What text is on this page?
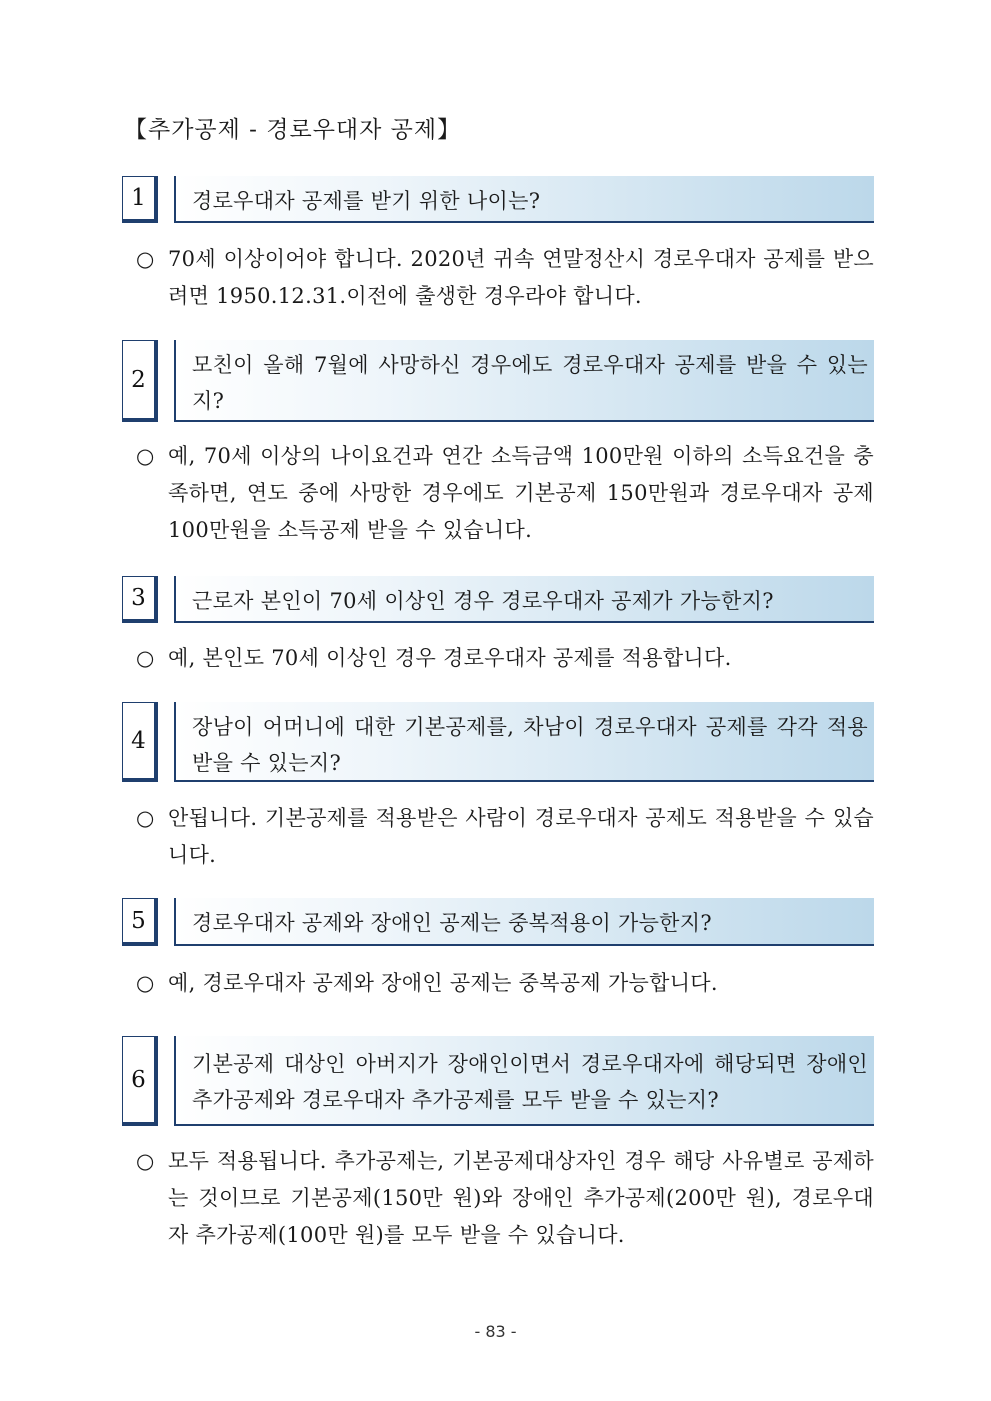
【추가공제 - 경로우대자 공제】
1	경로우대자 공제를 받기 위한 나이는?
○ 70세 이상이어야 합니다. 2020년 귀속 연말정산시 경로우대자 공제를 받으려면 1950.12.31.이전에 출생한 경우라야 합니다.
2
모친이 올해 7월에 사망하신 경우에도 경로우대자 공제를 받을 수 있는지?
○ 예, 70세 이상의 나이요건과 연간 소득금액 100만원 이하의 소득요건을 충족하면, 연도 중에 사망한 경우에도 기본공제 150만원과 경로우대자 공제 100만원을 소득공제 받을 수 있습니다.
3	근로자 본인이 70세 이상인 경우 경로우대자 공제가 가능한지?
○ 예, 본인도 70세 이상인 경우 경로우대자 공제를 적용합니다.
4
장남이 어머니에 대한 기본공제를, 차남이 경로우대자 공제를 각각 적용받을 수 있는지?
○ 안됩니다. 기본공제를 적용받은 사람이 경로우대자 공제도 적용받을 수 있습니다.
5	경로우대자 공제와 장애인 공제는 중복적용이 가능한지?
○ 예, 경로우대자 공제와 장애인 공제는 중복공제 가능합니다.
6
기본공제 대상인 아버지가 장애인이면서 경로우대자에 해당되면 장애인 추가공제와 경로우대자 추가공제를 모두 받을 수 있는지?
○ 모두 적용됩니다. 추가공제는, 기본공제대상자인 경우 해당 사유별로 공제하는 것이므로 기본공제(150만 원)와 장애인 추가공제(200만 원), 경로우대자 추가공제(100만 원)를 모두 받을 수 있습니다.
- 83 -
